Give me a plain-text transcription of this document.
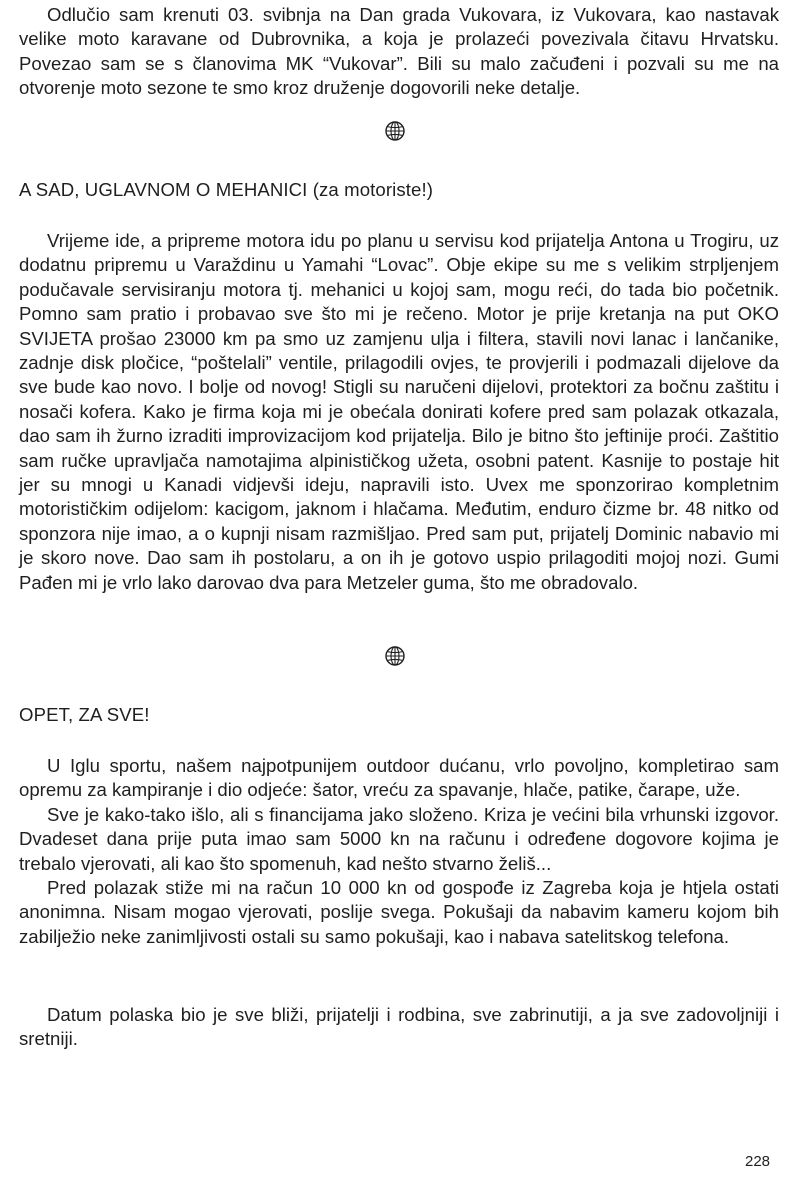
Odlučio sam krenuti 03. svibnja na Dan grada Vukovara, iz Vukovara, kao nastavak velike moto karavane od Dubrovnika, a koja je prolazeći povezivala čitavu Hrvatsku. Povezao sam se s članovima MK “Vukovar”. Bili su malo začuđeni i pozvali su me na otvorenje moto sezone te smo kroz druženje dogovorili neke detalje.

A SAD, UGLAVNOM O MEHANICI (za motoriste!)

Vrijeme ide, a pripreme motora idu po planu u servisu kod prijatelja Antona u Trogiru, uz dodatnu pripremu u Varaždinu u Yamahi “Lovac”. Obje ekipe su me s velikim strpljenjem podučavale servisiranju motora tj. mehanici u kojoj sam, mogu reći, do tada bio početnik. Pomno sam pratio i probavao sve što mi je rečeno. Motor je prije kretanja na put OKO SVIJETA prošao 23000 km pa smo uz zamjenu ulja i filtera, stavili novi lanac i lančanike, zadnje disk pločice, “poštelali” ventile, prilagodili ovjes, te provjerili i podmazali dijelove da sve bude kao novo. I bolje od novog! Stigli su naručeni dijelovi, protektori za bočnu zaštitu i nosači kofera. Kako je firma koja mi je obećala donirati kofere pred sam polazak otkazala, dao sam ih žurno izraditi improvizacijom kod prijatelja. Bilo je bitno što jeftinije proći. Zaštitio sam ručke upravljača namotajima alpinističkog užeta, osobni patent. Kasnije to postaje hit jer su mnogi u Kanadi vidjevši ideju, napravili isto. Uvex me sponzorirao kompletnim motorističkim odijelom: kacigom, jaknom i hlačama. Međutim, enduro čizme br. 48 nitko od sponzora nije imao, a o kupnji nisam razmišljao. Pred sam put, prijatelj Dominic nabavio mi je skoro nove. Dao sam ih postolaru, a on ih je gotovo uspio prilagoditi mojoj nozi. Gumi Pađen mi je vrlo lako darovao dva para Metzeler guma, što me obradovalo.

OPET, ZA SVE!

U Iglu sportu, našem najpotpunijem outdoor dućanu, vrlo povoljno, kompletirao sam opremu za kampiranje i dio odjeće: šator, vreću za spavanje, hlače, patike, čarape, uže.

Sve je kako-tako išlo, ali s financijama jako složeno. Kriza je većini bila vrhunski izgovor. Dvadeset dana prije puta imao sam 5000 kn na računu i određene dogovore kojima je trebalo vjerovati, ali kao što spomenuh, kad nešto stvarno želiš...

Pred polazak stiže mi na račun 10 000 kn od gospođe iz Zagreba koja je htjela ostati anonimna. Nisam mogao vjerovati, poslije svega. Pokušaji da nabavim kameru kojom bih zabilježio neke zanimljivosti ostali su samo pokušaji, kao i nabava satelitskog telefona.

Datum polaska bio je sve bliži, prijatelji i rodbina, sve zabrinutiji, a ja sve zadovoljniji i sretniji.

228
